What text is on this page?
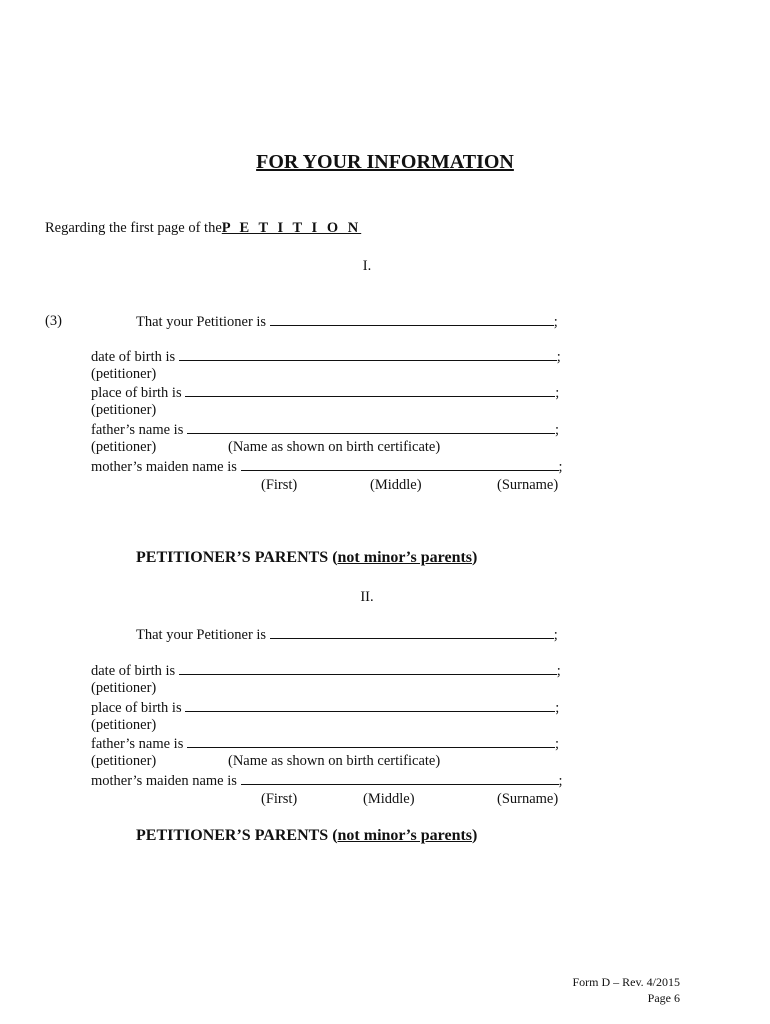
FOR YOUR INFORMATION
Regarding the first page of theP E T I T I O N
I.
(3)	That your Petitioner is	;
date of birth is	;
(petitioner)
place of birth is	;
(petitioner)
father’s name is	;
(petitioner)	(Name as shown on birth certificate)
mother’s maiden name is	;
(First)	(Middle)	(Surname)
PETITIONER’S PARENTS (not minor’s parents)
II.
That your Petitioner is	;
date of birth is	;
(petitioner)
place of birth is	;
(petitioner)
father’s name is	;
(petitioner)	(Name as shown on birth certificate)
mother’s maiden name is	;
(First)	(Middle)	(Surname)
PETITIONER’S PARENTS (not minor’s parents)
Form D – Rev. 4/2015
Page 6
